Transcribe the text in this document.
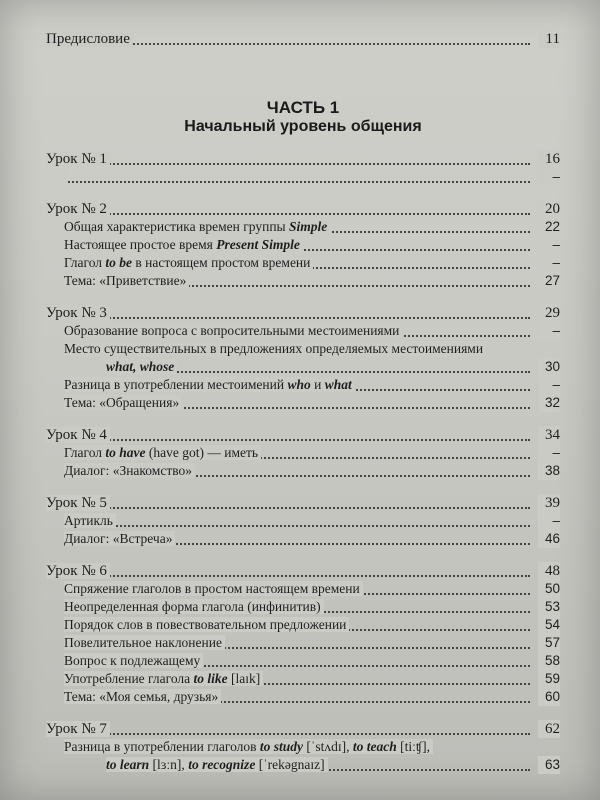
Предисловие	11
ЧАСТЬ 1
Начальный уровень общения
Урок № 1	16
–
Урок № 2	20
Общая характеристика времен группы Simple	22
Настоящее простое время Present Simple	–
Глагол to be в настоящем простом времени	–
Тема: «Приветствие»	27
Урок № 3	29
Образование вопроса с вопросительными местоимениями	–
Место существительных в предложениях определяемых местоимениями
what, whose	30
Разница в употреблении местоимений who и what	–
Тема: «Обращения»	32
Урок № 4	34
Глагол to have (have got) — иметь	–
Диалог: «Знакомство»	38
Урок № 5	39
Артикль	–
Диалог: «Встреча»	46
Урок № 6	48
Спряжение глаголов в простом настоящем времени	50
Неопределенная форма глагола (инфинитив)	53
Порядок слов в повествовательном предложении	54
Повелительное наклонение	57
Вопрос к подлежащему	58
Употребление глагола to like [laɪk]	59
Тема: «Моя семья, друзья»	60
Урок № 7	62
Разница в употреблении глаголов to study [ˈstʌdɪ], to teach [tiːʧ],
to learn [lɜːn], to recognize [ˈrekəgnaɪz]	63
